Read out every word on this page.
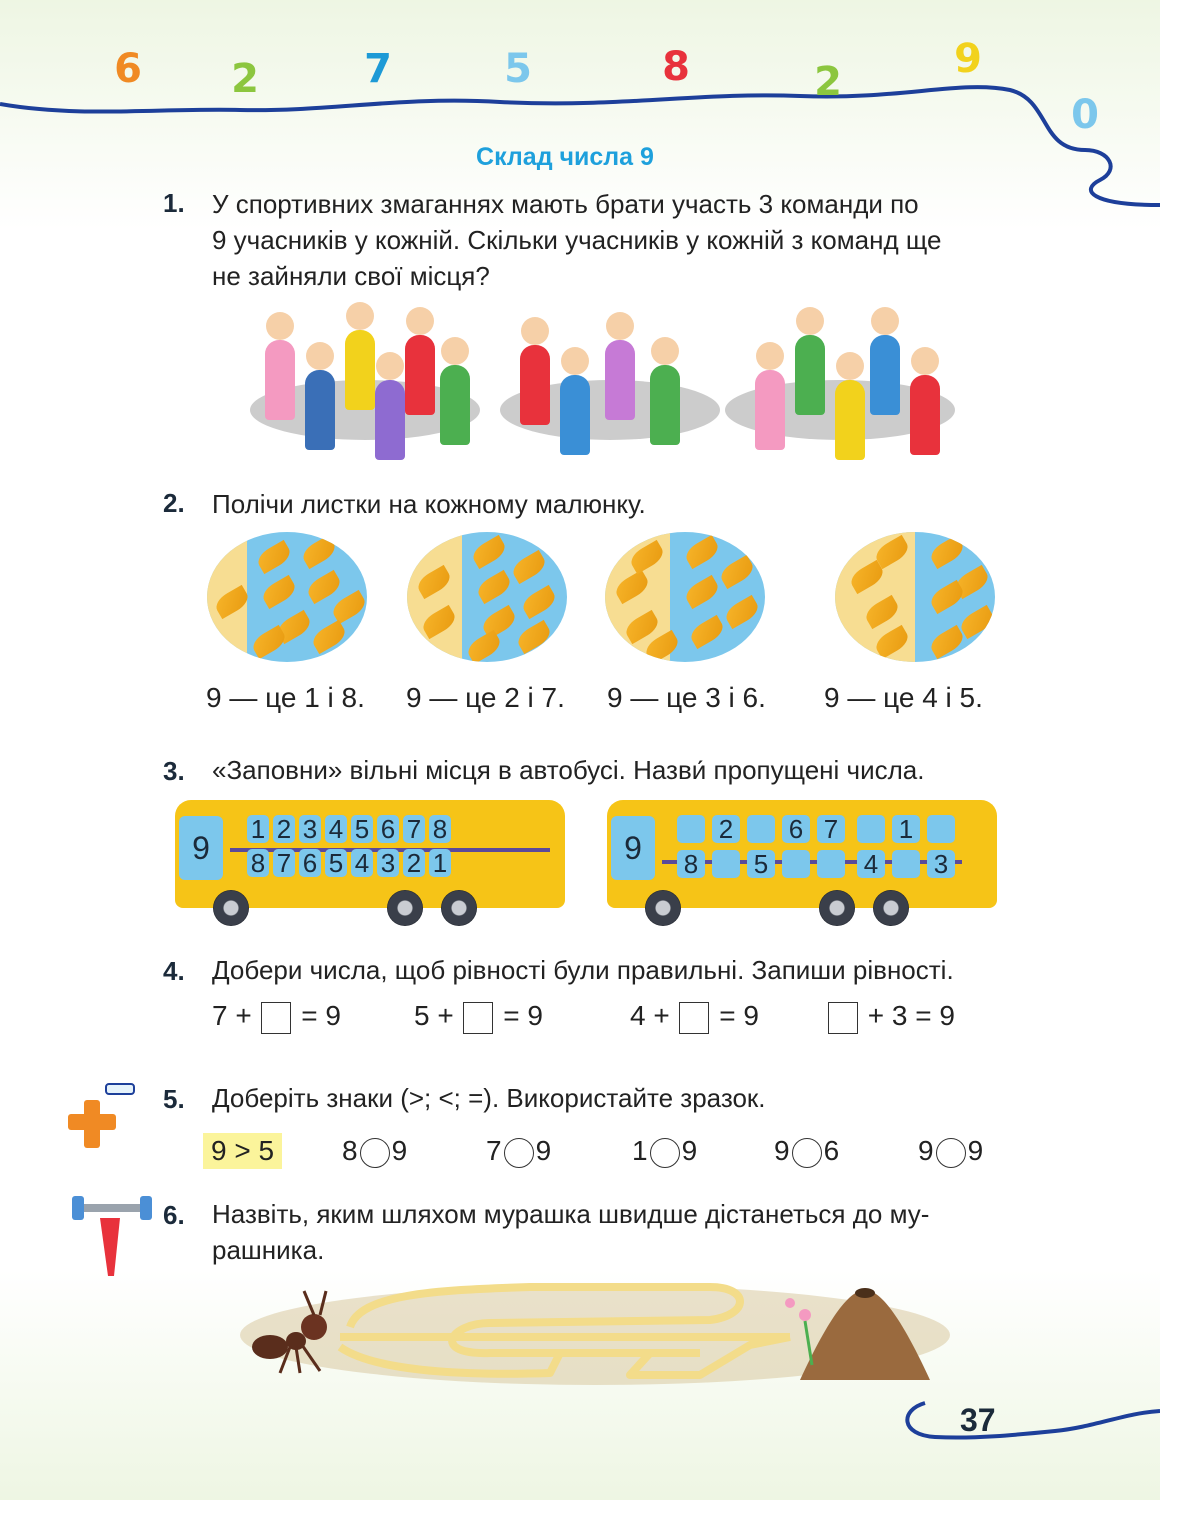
6 2	7	5	8	2	9
0
Склад числа 9
1. У спортивних змаганнях мають брати участь 3 команди по
9 учасників у кожній. Скільки учасників у кожній з команд ще
не зайняли свої місця?
2. Полічи листки на кожному малюнку.
9 — це 1 і 8. 9 — це 2 і 7. 9 — це 3 і 6. 9 — це 4 і 5.
3. «Заповни» вільні місця в автобусі. Назви́ пропущені числа.
9
1 2 3 4 5 6 7 8
8 7 6 5 4 3 2 1	9
2 6 7 1
8 5	4 3
4. Добери числа, щоб рівності були правильні. Запиши рівності.
7 + = 9	5 + = 9	4 + = 9	+ 3 = 9
5. Доберіть знаки (>; <; =). Використайте зразок.
9 > 5 8 9	7 9	1 9	9 6	9 9
6. Назвіть, яким шляхом мурашка швидше дістанеться до му-
рашника.
37
